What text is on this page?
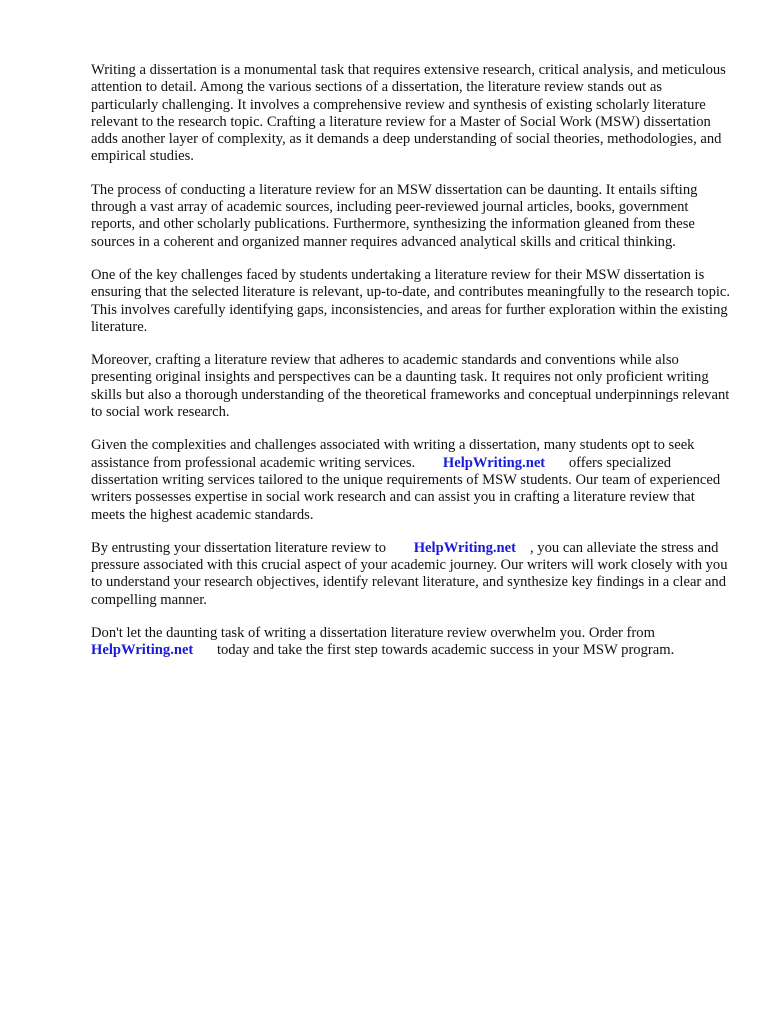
Writing a dissertation is a monumental task that requires extensive research, critical analysis, and meticulous attention to detail. Among the various sections of a dissertation, the literature review stands out as particularly challenging. It involves a comprehensive review and synthesis of existing scholarly literature relevant to the research topic. Crafting a literature review for a Master of Social Work (MSW) dissertation adds another layer of complexity, as it demands a deep understanding of social theories, methodologies, and empirical studies.

The process of conducting a literature review for an MSW dissertation can be daunting. It entails sifting through a vast array of academic sources, including peer-reviewed journal articles, books, government reports, and other scholarly publications. Furthermore, synthesizing the information gleaned from these sources in a coherent and organized manner requires advanced analytical skills and critical thinking.

One of the key challenges faced by students undertaking a literature review for their MSW dissertation is ensuring that the selected literature is relevant, up-to-date, and contributes meaningfully to the research topic. This involves carefully identifying gaps, inconsistencies, and areas for further exploration within the existing literature.

Moreover, crafting a literature review that adheres to academic standards and conventions while also presenting original insights and perspectives can be a daunting task. It requires not only proficient writing skills but also a thorough understanding of the theoretical frameworks and conceptual underpinnings relevant to social work research.

Given the complexities and challenges associated with writing a dissertation, many students opt to seek assistance from professional academic writing services. HelpWriting.net offers specialized dissertation writing services tailored to the unique requirements of MSW students. Our team of experienced writers possesses expertise in social work research and can assist you in crafting a literature review that meets the highest academic standards.

By entrusting your dissertation literature review to HelpWriting.net , you can alleviate the stress and pressure associated with this crucial aspect of your academic journey. Our writers will work closely with you to understand your research objectives, identify relevant literature, and synthesize key findings in a clear and compelling manner.

Don't let the daunting task of writing a dissertation literature review overwhelm you. Order from HelpWriting.net today and take the first step towards academic success in your MSW program.
